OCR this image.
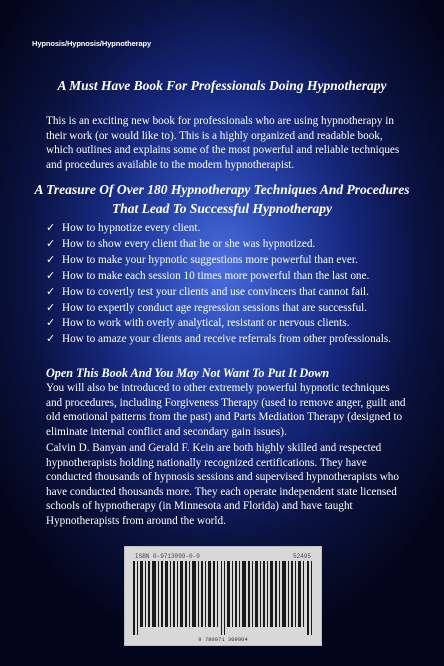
Hypnosis/Hypnosis/Hypnotherapy
A Must Have Book For Professionals Doing Hypnotherapy
This is an exciting new book for professionals who are using hypnotherapy in their work (or would like to). This is a highly organized and readable book, which outlines and explains some of the most powerful and reliable techniques and procedures available to the modern hypnotherapist.
A Treasure Of Over 180 Hypnotherapy Techniques And Procedures
That Lead To Successful Hypnotherapy
✓ How to hypnotize every client.
✓ How to show every client that he or she was hypnotized.
✓ How to make your hypnotic suggestions more powerful than ever.
✓ How to make each session 10 times more powerful than the last one.
✓ How to covertly test your clients and use convincers that cannot fail.
✓ How to expertly conduct age regression sessions that are successful.
✓ How to work with overly analytical, resistant or nervous clients.
✓ How to amaze your clients and receive referrals from other professionals.
Open This Book And You May Not Want To Put It Down
You will also be introduced to other extremely powerful hypnotic techniques and procedures, including Forgiveness Therapy (used to remove anger, guilt and old emotional patterns from the past) and Parts Mediation Therapy (designed to eliminate internal conflict and secondary gain issues).
Calvin D. Banyan and Gerald F. Kein are both highly skilled and respected hypnotherapists holding nationally recognized certifications. They have conducted thousands of hypnosis sessions and supervised hypnotherapists who have conducted thousands more. They each operate independent state licensed schools of hypnotherapy (in Minnesota and Florida) and have taught Hypnotherapists from around the world.
ISBN 0-9713099-0-0	52495
9 780971 309904
